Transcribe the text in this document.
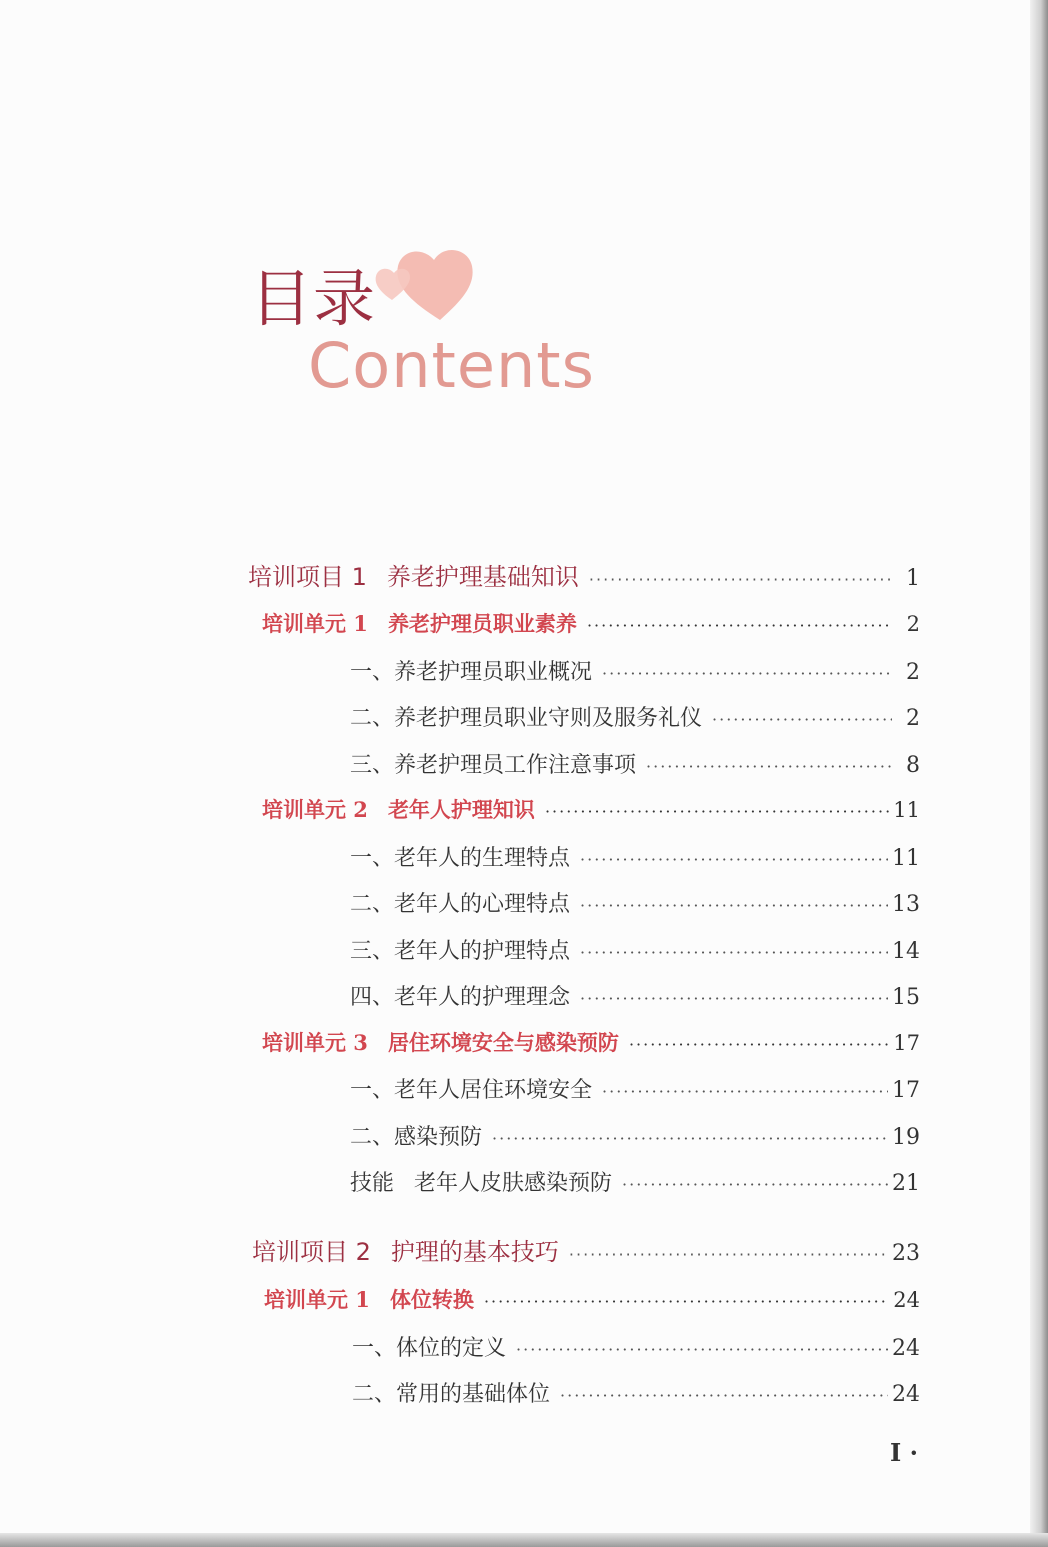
目录
Contents
培训项目 1 养老护理基础知识 ·····	1
培训单元 1 养老护理员职业素养 ·····	2
一、养老护理员职业概况 ·····	2
二、养老护理员职业守则及服务礼仪 ·····	2
三、养老护理员工作注意事项 ·····	8
培训单元 2 老年人护理知识 ·····	11
一、老年人的生理特点 ·····	11
二、老年人的心理特点 ·····	13
三、老年人的护理特点 ·····	14
四、老年人的护理理念 ·····	15
培训单元 3 居住环境安全与感染预防 ·····	17
一、老年人居住环境安全 ·····	17
二、感染预防 ·····	19
技能 老年人皮肤感染预防 ·····	21
培训项目 2 护理的基本技巧 ·····	23
培训单元 1 体位转换 ·····	24
一、体位的定义 ·····	24
二、常用的基础体位 ·····	24
I ·
